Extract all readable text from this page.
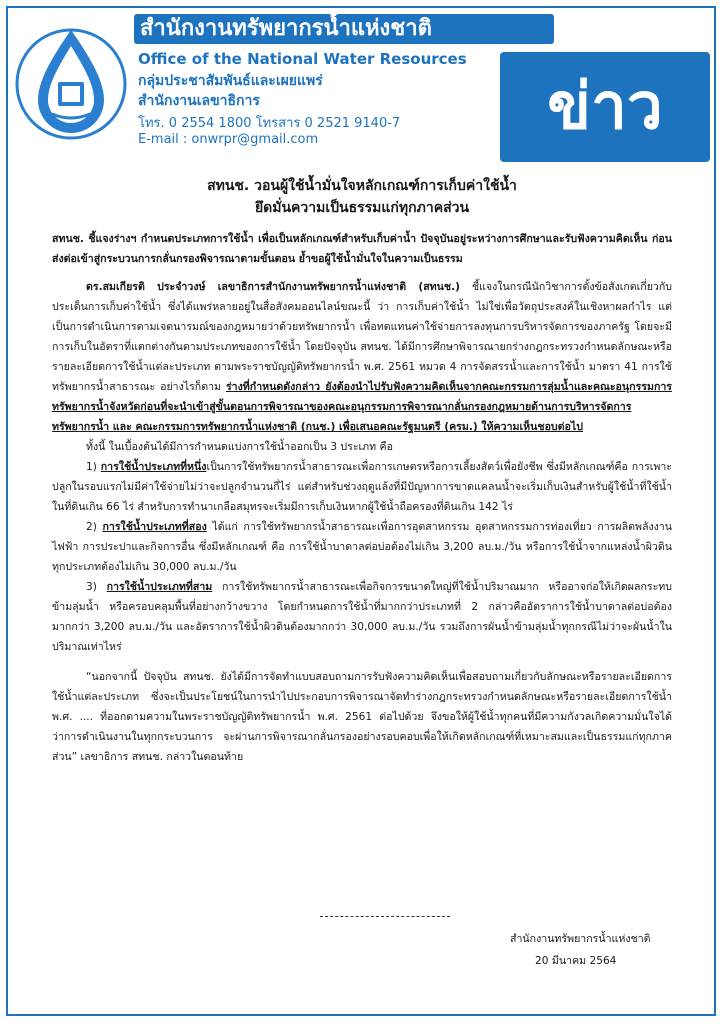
สำนักงานทรัพยากรน้ำแห่งชาติ
Office of the National Water Resources
กลุ่มประชาสัมพันธ์และเผยแพร่
สำนักงานเลขาธิการ
โทร. 0 2554 1800 โทรสาร 0 2521 9140-7
E-mail : onwrpr@gmail.com	ข่าว

สทนช. วอนผู้ใช้น้ำมั่นใจหลักเกณฑ์การเก็บค่าใช้น้ำ

ยึดมั่นความเป็นธรรมแก่ทุกภาคส่วน

สทนช. ชี้แจงร่างฯ กำหนดประเภทการใช้น้ำ เพื่อเป็นหลักเกณฑ์สำหรับเก็บค่าน้ำ ปัจจุบันอยู่ระหว่างการศึกษาและรับฟังความคิดเห็น ก่อนส่งต่อเข้าสู่กระบวนการกลั่นกรองพิจารณาตามขั้นตอน ย้ำขอผู้ใช้น้ำมั่นใจในความเป็นธรรม

ดร.สมเกียรติ ประจำวงษ์ เลขาธิการสำนักงานทรัพยากรน้ำแห่งชาติ (สทนช.) ชี้แจงในกรณีนักวิชาการตั้งข้อสังเกตเกี่ยวกับประเด็นการเก็บค่าใช้น้ำ ซึ่งได้แพร่หลายอยู่ในสื่อสังคมออนไลน์ขณะนี้ ว่า การเก็บค่าใช้น้ำ ไม่ใช่เพื่อวัตถุประสงค์ในเชิงหาผลกำไร แต่เป็นการดำเนินการตามเจตนารมณ์ของกฎหมายว่าด้วยทรัพยากรน้ำ เพื่อทดแทนค่าใช้จ่ายการลงทุนการบริหารจัดการของภาครัฐ โดยจะมีการเก็บในอัตราที่แตกต่างกันตามประเภทของการใช้น้ำ โดยปัจจุบัน สทนช. ได้มีการศึกษาพิจารณายกร่างกฎกระทรวงกำหนดลักษณะหรือรายละเอียดการใช้น้ำแต่ละประเภท ตามพระราชบัญญัติทรัพยากรน้ำ พ.ศ. 2561 หมวด 4 การจัดสรรน้ำและการใช้น้ำ มาตรา 41 การใช้ทรัพยากรน้ำสาธารณะ อย่างไรก็ตาม ร่างที่กำหนดดังกล่าว ยังต้องนำไปรับฟังความคิดเห็นจากคณะกรรมการลุ่มน้ำและคณะอนุกรรมการทรัพยากรน้ำจังหวัดก่อนที่จะนำเข้าสู่ขั้นตอนการพิจารณาของคณะอนุกรรมการพิจารณากลั่นกรองกฎหมายด้านการบริหารจัดการทรัพยากรน้ำ และ คณะกรรมการทรัพยากรน้ำแห่งชาติ (กนช.) เพื่อเสนอคณะรัฐมนตรี (ครม.) ให้ความเห็นชอบต่อไป

ทั้งนี้ ในเบื้องต้นได้มีการกำหนดแบ่งการใช้น้ำออกเป็น 3 ประเภท คือ

1) การใช้น้ำประเภทที่หนึ่งเป็นการใช้ทรัพยากรน้ำสาธารณะเพื่อการเกษตรหรือการเลี้ยงสัตว์เพื่อยังชีพ ซึ่งมีหลักเกณฑ์คือ การเพาะปลูกในรอบแรกไม่มีค่าใช้จ่ายไม่ว่าจะปลูกจำนวนกี่ไร่ แต่สำหรับช่วงฤดูแล้งที่มีปัญหาการขาดแคลนน้ำจะเริ่มเก็บเงินสำหรับผู้ใช้น้ำที่ใช้น้ำในที่ดินเกิน 66 ไร่ สำหรับการทำนาเกลือสมุทรจะเริ่มมีการเก็บเงินหากผู้ใช้น้ำถือครองที่ดินเกิน 142 ไร่

2) การใช้น้ำประเภทที่สอง ได้แก่ การใช้ทรัพยากรน้ำสาธารณะเพื่อการอุตสาหกรรม อุตสาหกรรมการท่องเที่ยว การผลิตพลังงานไฟฟ้า การประปาและกิจการอื่น ซึ่งมีหลักเกณฑ์ คือ การใช้น้ำบาดาลต่อบ่อต้องไม่เกิน 3,200 ลบ.ม./วัน หรือการใช้น้ำจากแหล่งน้ำผิวดินทุกประเภทต้องไม่เกิน 30,000 ลบ.ม./วัน

3) การใช้น้ำประเภทที่สาม การใช้ทรัพยากรน้ำสาธารณะเพื่อกิจการขนาดใหญ่ที่ใช้น้ำปริมาณมาก หรืออาจก่อให้เกิดผลกระทบข้ามลุ่มน้ำ หรือครอบคลุมพื้นที่อย่างกว้างขวาง โดยกำหนดการใช้น้ำที่มากกว่าประเภทที่ 2 กล่าวคืออัตราการใช้น้ำบาดาลต่อบ่อต้องมากกว่า 3,200 ลบ.ม./วัน และอัตราการใช้น้ำผิวดินต้องมากกว่า 30,000 ลบ.ม./วัน รวมถึงการผันน้ำข้ามลุ่มน้ำทุกกรณีไม่ว่าจะผันน้ำในปริมาณเท่าไหร่

“นอกจากนี้ ปัจจุบัน สทนช. ยังได้มีการจัดทำแบบสอบถามการรับฟังความคิดเห็นเพื่อสอบถามเกี่ยวกับลักษณะหรือรายละเอียดการใช้น้ำแต่ละประเภท ซึ่งจะเป็นประโยชน์ในการนำไปประกอบการพิจารณาจัดทำร่างกฎกระทรวงกำหนดลักษณะหรือรายละเอียดการใช้น้ำ พ.ศ. .... ที่ออกตามความในพระราชบัญญัติทรัพยากรน้ำ พ.ศ. 2561 ต่อไปด้วย จึงขอให้ผู้ใช้น้ำทุกคนที่มีความกังวลเกิดความมั่นใจได้ว่าการดำเนินงานในทุกกระบวนการ จะผ่านการพิจารณากลั่นกรองอย่างรอบคอบเพื่อให้เกิดหลักเกณฑ์ที่เหมาะสมและเป็นธรรมแก่ทุกภาคส่วน” เลขาธิการ สทนช. กล่าวในตอนท้าย

สำนักงานทรัพยากรน้ำแห่งชาติ
20 มีนาคม 2564
